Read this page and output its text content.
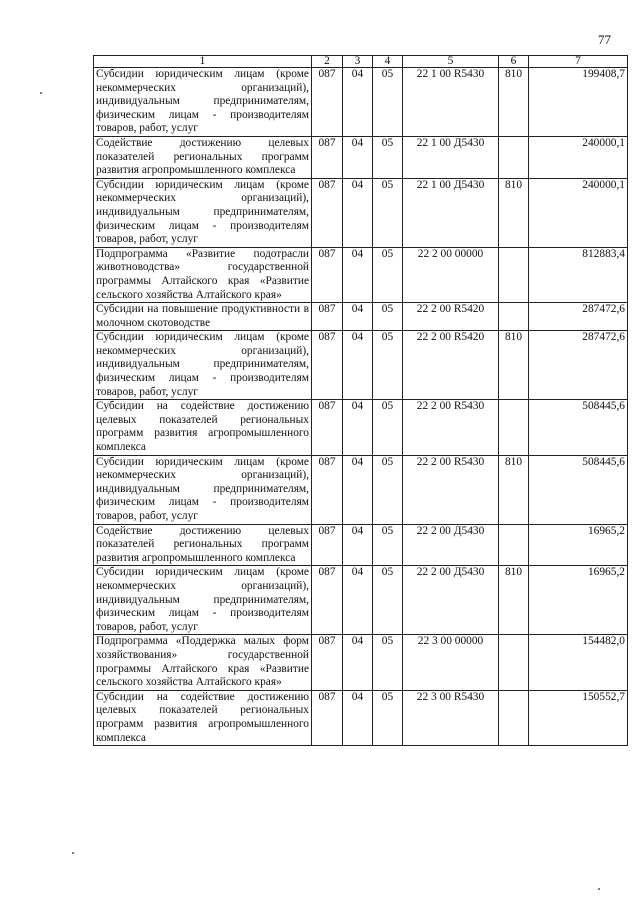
77
1	2	3	4	5	6	7
Субсидии юридическим лицам (кроме некоммерческих организаций), индивидуальным предпринимателям, физическим лицам - производителям товаров, работ, услуг	087	04	05	22 1 00 R5430	810	199408,7
Содействие достижению целевых показателей региональных программ развития агропромышленного комплекса	087	04	05	22 1 00 Д5430		240000,1
Субсидии юридическим лицам (кроме некоммерческих организаций), индивидуальным предпринимателям, физическим лицам - производителям товаров, работ, услуг	087	04	05	22 1 00 Д5430	810	240000,1
Подпрограмма «Развитие подотрасли животноводства» государственной программы Алтайского края «Развитие сельского хозяйства Алтайского края»	087	04	05	22 2 00 00000		812883,4
Субсидии на повышение продуктивности в молочном скотоводстве	087	04	05	22 2 00 R5420		287472,6
Субсидии юридическим лицам (кроме некоммерческих организаций), индивидуальным предпринимателям, физическим лицам - производителям товаров, работ, услуг	087	04	05	22 2 00 R5420	810	287472,6
Субсидии на содействие достижению целевых показателей региональных программ развития агропромышленного комплекса	087	04	05	22 2 00 R5430		508445,6
Субсидии юридическим лицам (кроме некоммерческих организаций), индивидуальным предпринимателям, физическим лицам - производителям товаров, работ, услуг	087	04	05	22 2 00 R5430	810	508445,6
Содействие достижению целевых показателей региональных программ развития агропромышленного комплекса	087	04	05	22 2 00 Д5430		16965,2
Субсидии юридическим лицам (кроме некоммерческих организаций), индивидуальным предпринимателям, физическим лицам - производителям товаров, работ, услуг	087	04	05	22 2 00 Д5430	810	16965,2
Подпрограмма «Поддержка малых форм хозяйствования» государственной программы Алтайского края «Развитие сельского хозяйства Алтайского края»	087	04	05	22 3 00 00000		154482,0
Субсидии на содействие достижению целевых показателей региональных программ развития агропромышленного комплекса	087	04	05	22 3 00 R5430		150552,7
